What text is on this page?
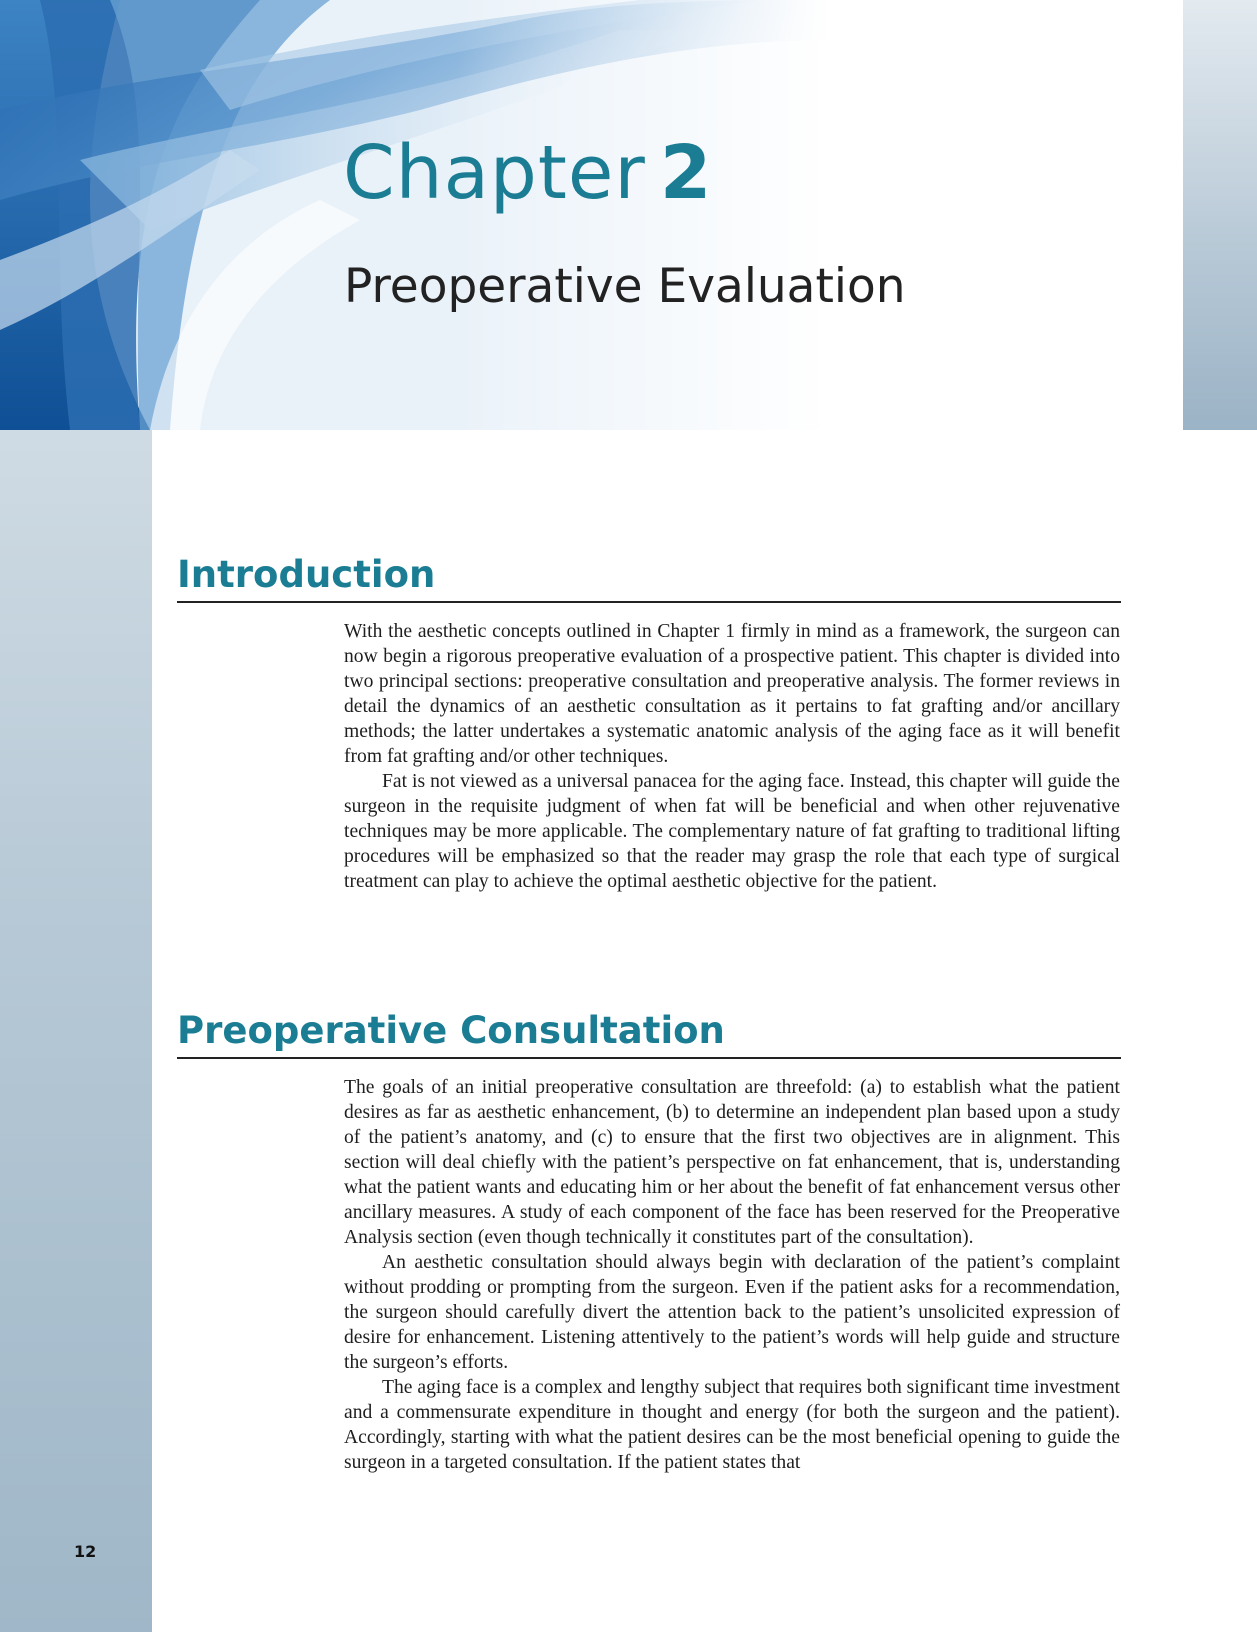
Chapter 2
Preoperative Evaluation
Introduction

With the aesthetic concepts outlined in Chapter 1 firmly in mind as a framework, the surgeon can now begin a rigorous preoperative evaluation of a prospective patient. This chapter is divided into two principal sections: preoperative consultation and preoperative analysis. The former reviews in detail the dynamics of an aesthetic consultation as it pertains to fat grafting and/or ancillary methods; the latter undertakes a systematic anatomic analysis of the aging face as it will benefit from fat grafting and/or other techniques.

Fat is not viewed as a universal panacea for the aging face. Instead, this chapter will guide the surgeon in the requisite judgment of when fat will be beneficial and when other rejuvenative techniques may be more applicable. The complementary nature of fat grafting to traditional lifting procedures will be emphasized so that the reader may grasp the role that each type of surgical treatment can play to achieve the optimal aesthetic objective for the patient.

Preoperative Consultation

The goals of an initial preoperative consultation are threefold: (a) to establish what the patient desires as far as aesthetic enhancement, (b) to determine an independent plan based upon a study of the patient’s anatomy, and (c) to ensure that the first two objectives are in alignment. This section will deal chiefly with the patient’s perspective on fat enhancement, that is, understanding what the patient wants and educating him or her about the benefit of fat enhancement versus other ancillary measures. A study of each component of the face has been reserved for the Preoperative Analysis section (even though technically it constitutes part of the consultation).

An aesthetic consultation should always begin with declaration of the patient’s complaint without prodding or prompting from the surgeon. Even if the patient asks for a recommendation, the surgeon should carefully divert the attention back to the patient’s unsolicited expression of desire for enhancement. Listening attentively to the patient’s words will help guide and structure the surgeon’s efforts.

The aging face is a complex and lengthy subject that requires both significant time investment and a commensurate expenditure in thought and energy (for both the surgeon and the patient). Accordingly, starting with what the patient desires can be the most beneficial opening to guide the surgeon in a targeted consultation. If the patient states that

12
